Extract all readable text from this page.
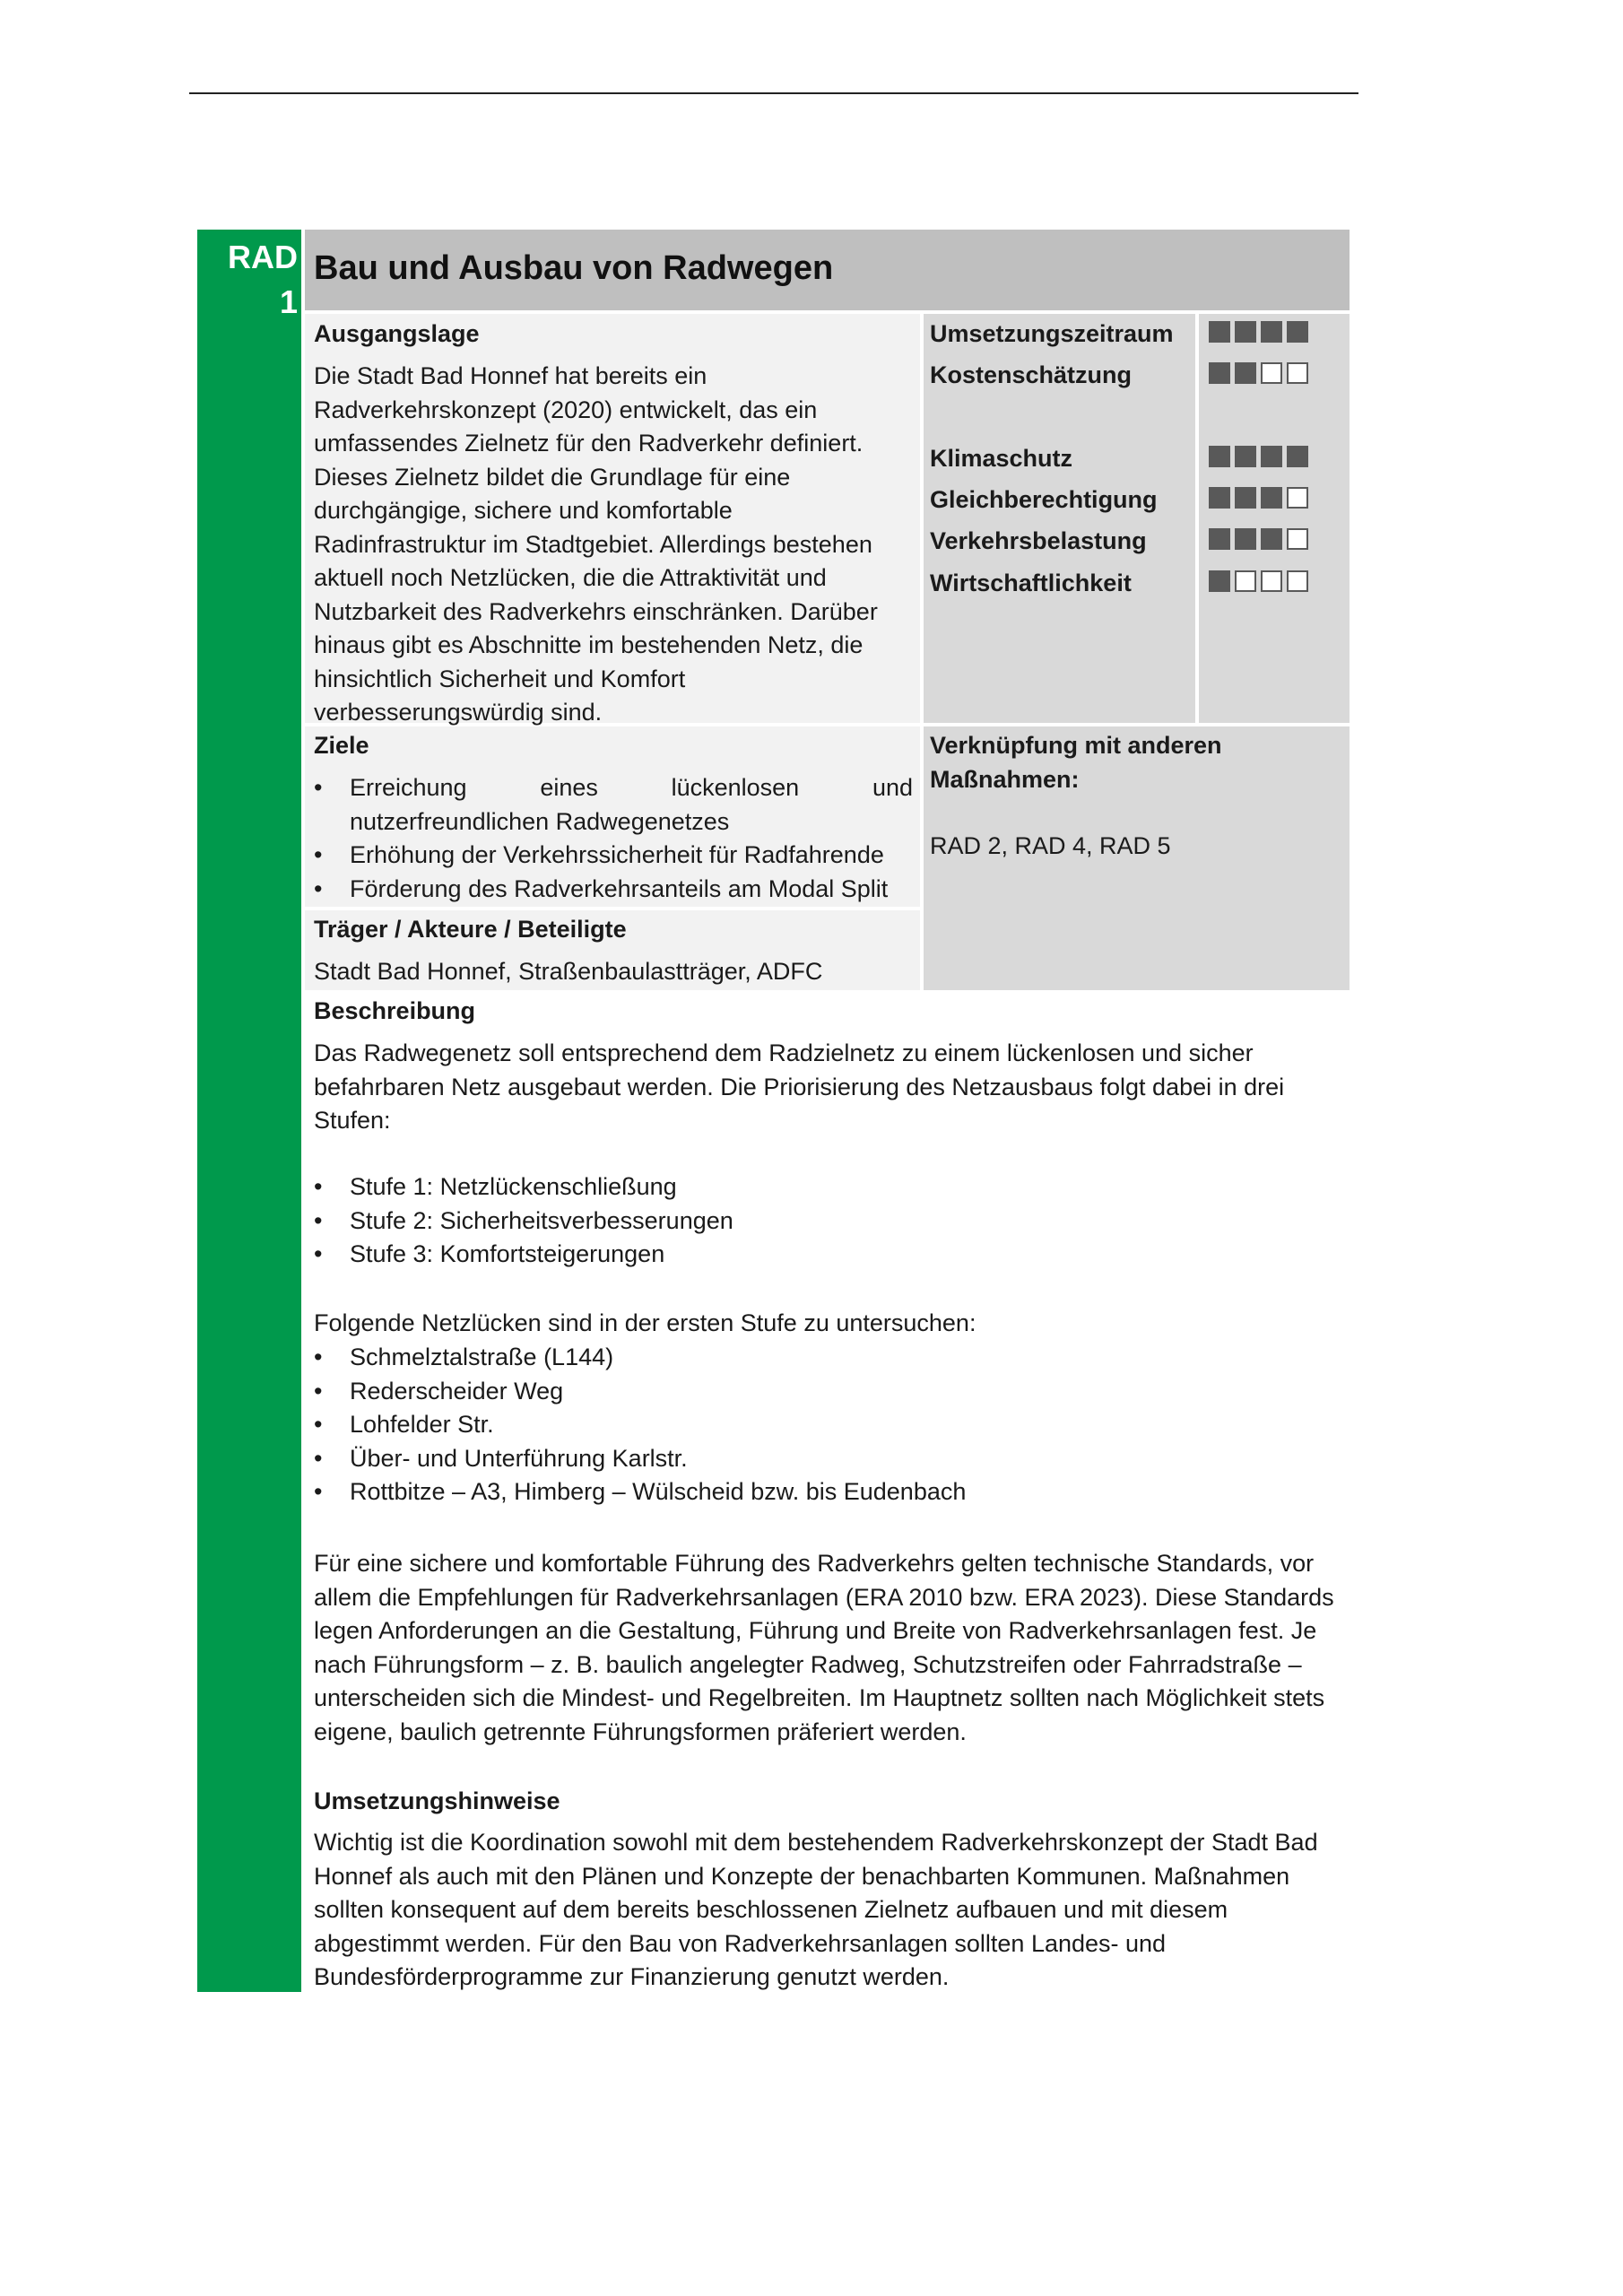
RAD
1
Bau und Ausbau von Radwegen
Ausgangslage
Die Stadt Bad Honnef hat bereits ein Radverkehrskonzept (2020) entwickelt, das ein umfassendes Zielnetz für den Radverkehr definiert. Dieses Zielnetz bildet die Grundlage für eine durchgängige, sichere und komfortable Radinfrastruktur im Stadtgebiet. Allerdings bestehen aktuell noch Netzlücken, die die Attraktivität und Nutzbarkeit des Radverkehrs einschränken. Darüber hinaus gibt es Abschnitte im bestehenden Netz, die hinsichtlich Sicherheit und Komfort verbesserungswürdig sind.
Umsetzungszeitraum
Kostenschätzung
Klimaschutz
Gleichberechtigung
Verkehrsbelastung
Wirtschaftlichkeit
Ziele
• Erreichung eines lückenlosen und nutzerfreundlichen Radwegenetzes
• Erhöhung der Verkehrssicherheit für Radfahrende
• Förderung des Radverkehrsanteils am Modal Split
Verknüpfung mit anderen Maßnahmen:
RAD 2, RAD 4, RAD 5
Träger / Akteure / Beteiligte
Stadt Bad Honnef, Straßenbaulastträger, ADFC
Beschreibung
Das Radwegenetz soll entsprechend dem Radzielnetz zu einem lückenlosen und sicher befahrbaren Netz ausgebaut werden. Die Priorisierung des Netzausbaus folgt dabei in drei Stufen:
• Stufe 1: Netzlückenschließung
• Stufe 2: Sicherheitsverbesserungen
• Stufe 3: Komfortsteigerungen
Folgende Netzlücken sind in der ersten Stufe zu untersuchen:
• Schmelztalstraße (L144)
• Rederscheider Weg
• Lohfelder Str.
• Über- und Unterführung Karlstr.
• Rottbitze – A3, Himberg – Wülscheid bzw. bis Eudenbach
Für eine sichere und komfortable Führung des Radverkehrs gelten technische Standards, vor allem die Empfehlungen für Radverkehrsanlagen (ERA 2010 bzw. ERA 2023). Diese Standards legen Anforderungen an die Gestaltung, Führung und Breite von Radverkehrsanlagen fest. Je nach Führungsform – z. B. baulich angelegter Radweg, Schutzstreifen oder Fahrradstraße – unterscheiden sich die Mindest- und Regelbreiten. Im Hauptnetz sollten nach Möglichkeit stets eigene, baulich getrennte Führungsformen präferiert werden.
Umsetzungshinweise
Wichtig ist die Koordination sowohl mit dem bestehendem Radverkehrskonzept der Stadt Bad Honnef als auch mit den Plänen und Konzepte der benachbarten Kommunen. Maßnahmen sollten konsequent auf dem bereits beschlossenen Zielnetz aufbauen und mit diesem abgestimmt werden. Für den Bau von Radverkehrsanlagen sollten Landes- und Bundesförderprogramme zur Finanzierung genutzt werden.
